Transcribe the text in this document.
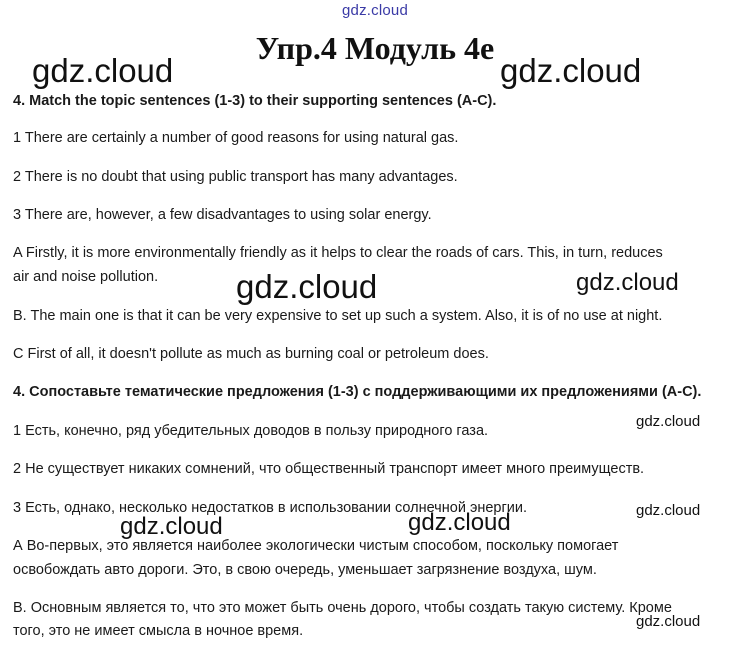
gdz.cloud
Упр.4 Модуль 4е
4. Match the topic sentences (1-3) to their supporting sentences (A-C).
1 There are certainly a number of good reasons for using natural gas.
2 There is no doubt that using public transport has many advantages.
3 There are, however, a few disadvantages to using solar energy.
A Firstly, it is more environmentally friendly as it helps to clear the roads of cars. This, in turn, reduces
air and noise pollution.
B. The main one is that it can be very expensive to set up such a system. Also, it is of no use at night.
C First of all, it doesn't pollute as much as burning coal or petroleum does.
4. Сопоставьте тематические предложения (1-3) с поддерживающими их предложениями (А-С).
1 Есть, конечно, ряд убедительных доводов в пользу природного газа.
2 Не существует никаких сомнений, что общественный транспорт имеет много преимуществ.
3 Есть, однако, несколько недостатков в использовании солнечной энергии.
А Во-первых, это является наиболее экологически чистым способом, поскольку помогает
освобождать авто дороги. Это, в свою очередь, уменьшает загрязнение воздуха, шум.
В. Основным является то, что это может быть очень дорого, чтобы создать такую систему. Кроме
того, это не имеет смысла в ночное время.
gdz.cloud	gdz.cloud
gdz.cloud	gdz.cloud
gdz.cloud
gdz.cloud
gdz.cloud	gdz.cloud
gdz.cloud
